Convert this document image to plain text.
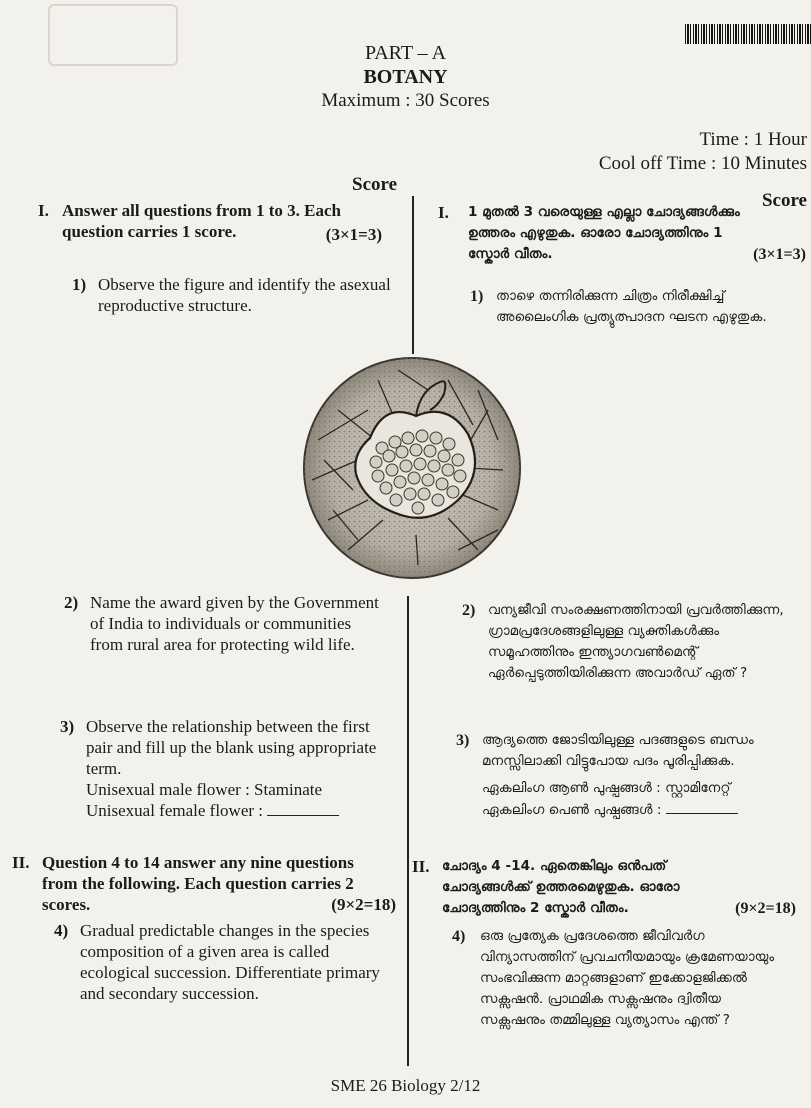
PART – A
BOTANY
Maximum : 30 Scores
Time : 1 Hour
Cool off Time : 10 Minutes
Score
Score
I. Answer all questions from 1 to 3. Each question carries 1 score.	(3×1=3)
1) Observe the figure and identify the asexual reproductive structure.
2) Name the award given by the Government of India to individuals or communities from rural area for protecting wild life.
3) Observe the relationship between the first pair and fill up the blank using appropriate term.
Unisexual male flower : Staminate
Unisexual female flower :
II. Question 4 to 14 answer any nine questions from the following. Each question carries 2 scores.	(9×2=18)
4) Gradual predictable changes in the species composition of a given area is called ecological succession. Differentiate primary and secondary succession.
I. 1 മുതൽ 3 വരെയുള്ള എല്ലാ ചോദ്യങ്ങൾക്കും ഉത്തരം എഴുതുക. ഓരോ ചോദ്യത്തിനും 1 സ്കോർ വീതം.	(3×1=3)
1) താഴെ തന്നിരിക്കുന്ന ചിത്രം നിരീക്ഷിച്ച് അലൈംഗിക പ്രത്യുത്പാദന ഘടന എഴുതുക.
2) വന്യജീവി സംരക്ഷണത്തിനായി പ്രവർത്തിക്കുന്ന, ഗ്രാമപ്രദേശങ്ങളിലുള്ള വ്യക്തികൾക്കും സമൂഹത്തിനും ഇന്ത്യാഗവൺമെന്റ് ഏർപ്പെടുത്തിയിരിക്കുന്ന അവാർഡ് ഏത് ?
3) ആദ്യത്തെ ജോടിയിലുള്ള പദങ്ങളുടെ ബന്ധം മനസ്സിലാക്കി വിട്ടുപോയ പദം പൂരിപ്പിക്കുക.
ഏകലിംഗ ആൺ പുഷ്പങ്ങൾ : സ്റ്റാമിനേറ്റ്
ഏകലിംഗ പെൺ പുഷ്പങ്ങൾ :
II. ചോദ്യം 4 -14. ഏതെങ്കിലും ഒൻപത് ചോദ്യങ്ങൾക്ക് ഉത്തരമെഴുതുക. ഓരോ ചോദ്യത്തിനും 2 സ്കോർ വീതം.	(9×2=18)
4) ഒരു പ്രത്യേക പ്രദേശത്തെ ജീവിവർഗ വിന്യാസത്തിന് പ്രവചനീയമായും ക്രമേണയായും സംഭവിക്കുന്ന മാറ്റങ്ങളാണ് ഇക്കോളജിക്കൽ സക്സഷൻ. പ്രാഥമിക സക്സഷനും ദ്വിതീയ സക്സഷനും തമ്മിലുള്ള വ്യത്യാസം എന്ത് ?
SME 26 Biology 2/12
